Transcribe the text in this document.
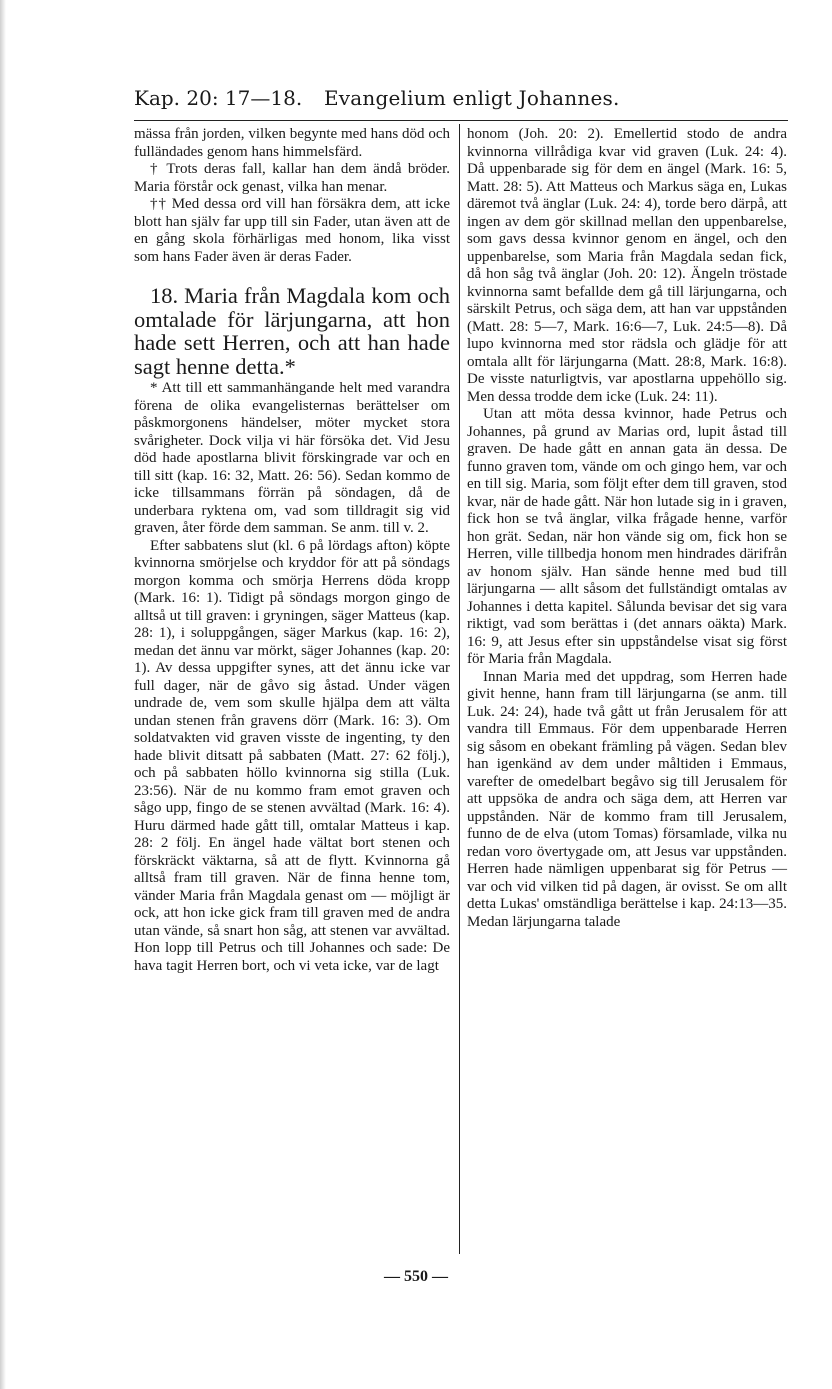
Kap. 20: 17—18. Evangelium enligt Johannes.

mässa från jorden, vilken begynte med hans död och fulländades genom hans himmelsfärd.

† Trots deras fall, kallar han dem ändå bröder. Maria förstår ock genast, vilka han menar.

†† Med dessa ord vill han försäkra dem, att icke blott han själv far upp till sin Fader, utan även att de en gång skola förhärligas med honom, lika visst som hans Fader även är deras Fader.

18. Maria från Magdala kom och omtalade för lärjungarna, att hon hade sett Herren, och att han hade sagt henne detta.*

* Att till ett sammanhängande helt med varandra förena de olika evangelisternas berättelser om påskmorgonens händelser, möter mycket stora svårigheter. Dock vilja vi här försöka det. Vid Jesu död hade apostlarna blivit förskingrade var och en till sitt (kap. 16: 32, Matt. 26: 56). Sedan kommo de icke tillsammans förrän på söndagen, då de underbara ryktena om, vad som tilldragit sig vid graven, åter förde dem samman. Se anm. till v. 2.

Efter sabbatens slut (kl. 6 på lördags afton) köpte kvinnorna smörjelse och kryddor för att på söndags morgon komma och smörja Herrens döda kropp (Mark. 16: 1). Tidigt på söndags morgon gingo de alltså ut till graven: i gryningen, säger Matteus (kap. 28: 1), i soluppgången, säger Markus (kap. 16: 2), medan det ännu var mörkt, säger Johannes (kap. 20: 1). Av dessa uppgifter synes, att det ännu icke var full dager, när de gåvo sig åstad. Under vägen undrade de, vem som skulle hjälpa dem att välta undan stenen från gravens dörr (Mark. 16: 3). Om soldatvakten vid graven visste de ingenting, ty den hade blivit ditsatt på sabbaten (Matt. 27: 62 följ.), och på sabbaten höllo kvinnorna sig stilla (Luk. 23:56). När de nu kommo fram emot graven och sågo upp, fingo de se stenen avvältad (Mark. 16: 4). Huru därmed hade gått till, omtalar Matteus i kap. 28: 2 följ. En ängel hade vältat bort stenen och förskräckt väktarna, så att de flytt. Kvinnorna gå alltså fram till graven. När de finna henne tom, vänder Maria från Magdala genast om — möjligt är ock, att hon icke gick fram till graven med de andra utan vände, så snart hon såg, att stenen var avvältad. Hon lopp till Petrus och till Johannes och sade: De hava tagit Herren bort, och vi veta icke, var de lagt

honom (Joh. 20: 2). Emellertid stodo de andra kvinnorna villrådiga kvar vid graven (Luk. 24: 4). Då uppenbarade sig för dem en ängel (Mark. 16: 5, Matt. 28: 5). Att Matteus och Markus säga en, Lukas däremot två änglar (Luk. 24: 4), torde bero därpå, att ingen av dem gör skillnad mellan den uppenbarelse, som gavs dessa kvinnor genom en ängel, och den uppenbarelse, som Maria från Magdala sedan fick, då hon såg två änglar (Joh. 20: 12). Ängeln tröstade kvinnorna samt befallde dem gå till lärjungarna, och särskilt Petrus, och säga dem, att han var uppstånden (Matt. 28: 5—7, Mark. 16:6—7, Luk. 24:5—8). Då lupo kvinnorna med stor rädsla och glädje för att omtala allt för lärjungarna (Matt. 28:8, Mark. 16:8). De visste naturligtvis, var apostlarna uppehöllo sig. Men dessa trodde dem icke (Luk. 24: 11).

Utan att möta dessa kvinnor, hade Petrus och Johannes, på grund av Marias ord, lupit åstad till graven. De hade gått en annan gata än dessa. De funno graven tom, vände om och gingo hem, var och en till sig. Maria, som följt efter dem till graven, stod kvar, när de hade gått. När hon lutade sig in i graven, fick hon se två änglar, vilka frågade henne, varför hon grät. Sedan, när hon vände sig om, fick hon se Herren, ville tillbedja honom men hindrades därifrån av honom själv. Han sände henne med bud till lärjungarna — allt såsom det fullständigt omtalas av Johannes i detta kapitel. Sålunda bevisar det sig vara riktigt, vad som berättas i (det annars oäkta) Mark. 16: 9, att Jesus efter sin uppståndelse visat sig först för Maria från Magdala.

Innan Maria med det uppdrag, som Herren hade givit henne, hann fram till lärjungarna (se anm. till Luk. 24: 24), hade två gått ut från Jerusalem för att vandra till Emmaus. För dem uppenbarade Herren sig såsom en obekant främling på vägen. Sedan blev han igenkänd av dem under måltiden i Emmaus, varefter de omedelbart begåvo sig till Jerusalem för att uppsöka de andra och säga dem, att Herren var uppstånden. När de kommo fram till Jerusalem, funno de de elva (utom Tomas) församlade, vilka nu redan voro övertygade om, att Jesus var uppstånden. Herren hade nämligen uppenbarat sig för Petrus — var och vid vilken tid på dagen, är ovisst. Se om allt detta Lukas' omständliga berättelse i kap. 24:13—35. Medan lärjungarna talade

— 550 —
